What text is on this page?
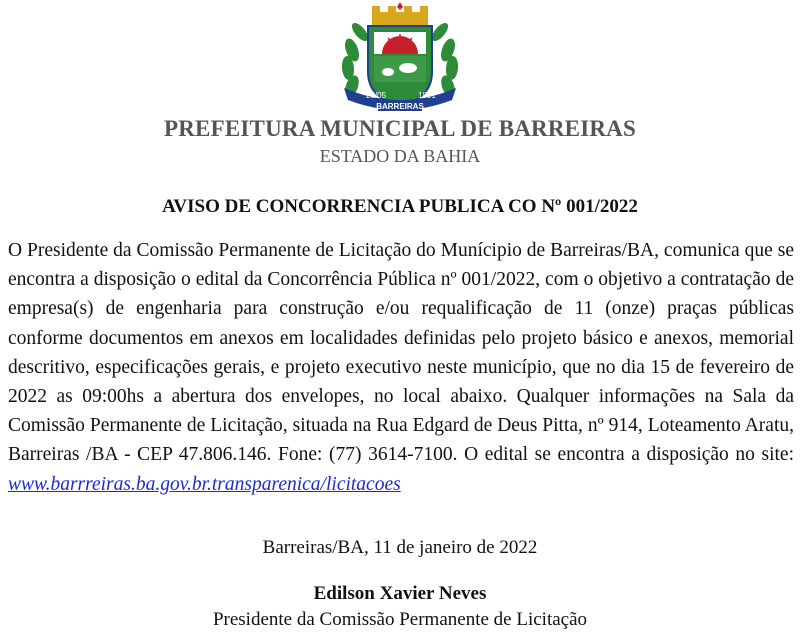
26/05	1891
BARREIRAS
PREFEITURA MUNICIPAL DE BARREIRAS
ESTADO DA BAHIA
AVISO DE CONCORRENCIA PUBLICA CO Nº 001/2022

O Presidente da Comissão Permanente de Licitação do Munícipio de Barreiras/BA, comunica que se encontra a disposição o edital da Concorrência Pública nº 001/2022, com o objetivo a contratação de empresa(s) de engenharia para construção e/ou requalificação de 11 (onze) praças públicas conforme documentos em anexos em localidades definidas pelo projeto básico e anexos, memorial descritivo, especificações gerais, e projeto executivo neste município, que no dia 15 de fevereiro de 2022 as 09:00hs a abertura dos envelopes, no local abaixo. Qualquer informações na Sala da Comissão Permanente de Licitação, situada na Rua Edgard de Deus Pitta, nº 914, Loteamento Aratu, Barreiras /BA - CEP 47.806.146. Fone: (77) 3614-7100. O edital se encontra a disposição no site: www.barrreiras.ba.gov.br.transparenica/licitacoes

Barreiras/BA, 11 de janeiro de 2022
Edilson Xavier Neves
Presidente da Comissão Permanente de Licitação
